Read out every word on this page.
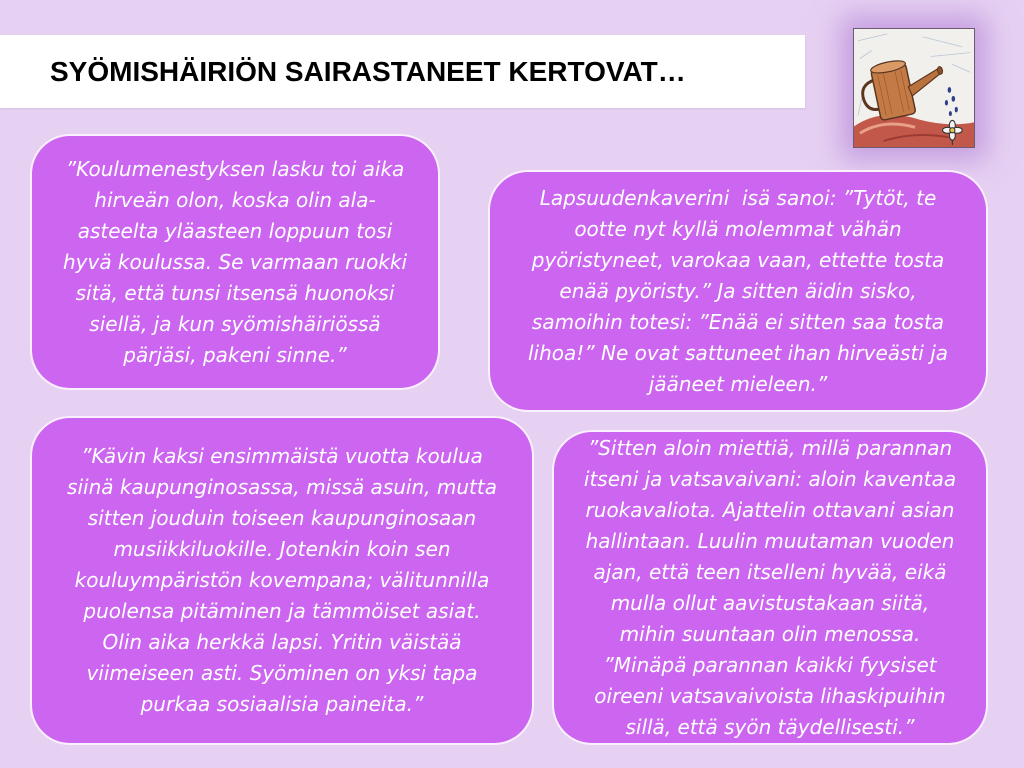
SYÖMISHÄIRIÖN SAIRASTANEET KERTOVAT…
”Koulumenestyksen lasku toi aika
hirveän olon, koska olin ala-
asteelta yläasteen loppuun tosi
hyvä koulussa. Se varmaan ruokki
sitä, että tunsi itsensä huonoksi
siellä, ja kun syömishäiriössä
pärjäsi, pakeni sinne.”
Lapsuudenkaverini  isä sanoi: ”Tytöt, te
ootte nyt kyllä molemmat vähän
pyöristyneet, varokaa vaan, ettette tosta
enää pyöristy.” Ja sitten äidin sisko,
samoihin totesi: ”Enää ei sitten saa tosta
lihoa!” Ne ovat sattuneet ihan hirveästi ja
jääneet mieleen.”
”Kävin kaksi ensimmäistä vuotta koulua
siinä kaupunginosassa, missä asuin, mutta
sitten jouduin toiseen kaupunginosaan
musiikkiluokille. Jotenkin koin sen
kouluympäristön kovempana; välitunnilla
puolensa pitäminen ja tämmöiset asiat.
Olin aika herkkä lapsi. Yritin väistää
viimeiseen asti. Syöminen on yksi tapa
purkaa sosiaalisia paineita.”
”Sitten aloin miettiä, millä parannan
itseni ja vatsavaivani: aloin kaventaa
ruokavaliota. Ajattelin ottavani asian
hallintaan. Luulin muutaman vuoden
ajan, että teen itselleni hyvää, eikä
mulla ollut aavistustakaan siitä,
mihin suuntaan olin menossa.
”Minäpä parannan kaikki fyysiset
oireeni vatsavaivoista lihaskipuihin
sillä, että syön täydellisesti.”
